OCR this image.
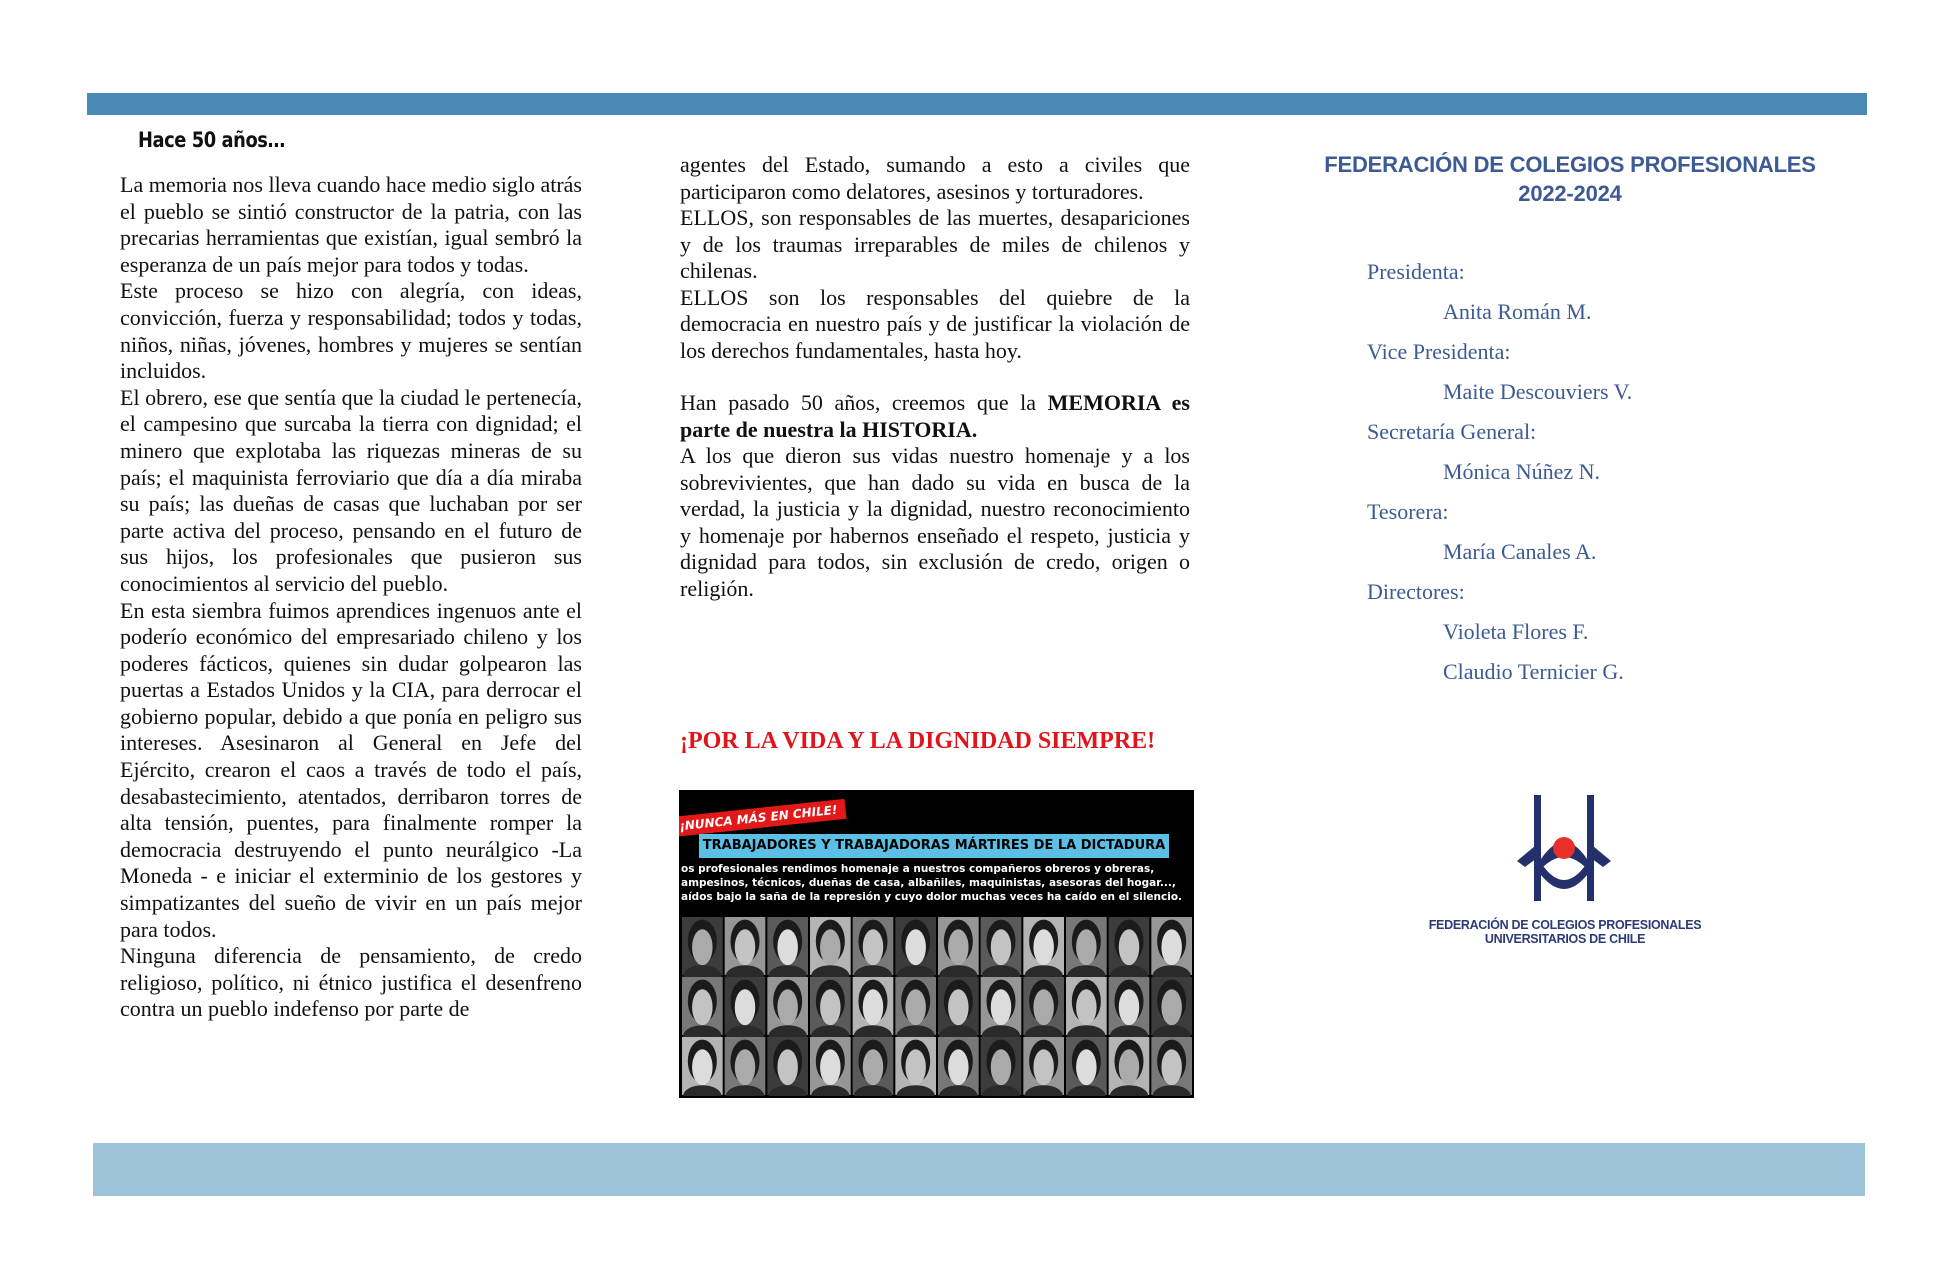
Hace 50 años…

La memoria nos lleva cuando hace medio siglo atrás el pueblo se sintió constructor de la patria, con las precarias herramientas que existían, igual sembró la esperanza de un país mejor para todos y todas.

Este proceso se hizo con alegría, con ideas, convicción, fuerza y responsabilidad; todos y todas, niños, niñas, jóvenes, hombres y mujeres se sentían incluidos.

El obrero, ese que sentía que la ciudad le pertenecía, el campesino que surcaba la tierra con dignidad; el minero que explotaba las riquezas mineras de su país; el maquinista ferroviario que día a día miraba su país; las dueñas de casas que luchaban por ser parte activa del proceso, pensando en el futuro de sus hijos, los profesionales que pusieron sus conocimientos al servicio del pueblo.

En esta siembra fuimos aprendices ingenuos ante el poderío económico del empresariado chileno y los poderes fácticos, quienes sin dudar golpearon las puertas a Estados Unidos y la CIA, para derrocar el gobierno popular, debido a que ponía en peligro sus intereses. Asesinaron al General en Jefe del Ejército, crearon el caos a través de todo el país, desabastecimiento, atentados, derribaron torres de alta tensión, puentes, para finalmente romper la democracia destruyendo el punto neurálgico -La Moneda - e iniciar el exterminio de los gestores y simpatizantes del sueño de vivir en un país mejor para todos.

Ninguna diferencia de pensamiento, de credo religioso, político, ni étnico justifica el desenfreno contra un pueblo indefenso por parte de

agentes del Estado, sumando a esto a civiles que participaron como delatores, asesinos y torturadores.

ELLOS, son responsables de las muertes, desapariciones y de los traumas irreparables de miles de chilenos y chilenas.

ELLOS son los responsables del quiebre de la democracia en nuestro país y de justificar la violación de los derechos fundamentales, hasta hoy.

Han pasado 50 años, creemos que la MEMORIA es parte de nuestra la HISTORIA.

A los que dieron sus vidas nuestro homenaje y a los sobrevivientes, que han dado su vida en busca de la verdad, la justicia y la dignidad, nuestro reconocimiento y homenaje por habernos enseñado el respeto, justicia y dignidad para todos, sin exclusión de credo, origen o religión.

¡POR LA VIDA Y LA DIGNIDAD SIEMPRE!
¡NUNCA MÁS EN CHILE!
TRABAJADORES Y TRABAJADORAS MÁRTIRES DE LA DICTADURA
os profesionales rendimos homenaje a nuestros compañeros obreros y obreras, ampesinos, técnicos, dueñas de casa, albañiles, maquinistas, asesoras del hogar..., aídos bajo la saña de la represión y cuyo dolor muchas veces ha caído en el silencio.
FEDERACIÓN DE COLEGIOS PROFESIONALES
2022-2024

Presidenta:

Anita Román M.

Vice Presidenta:

Maite Descouviers V.

Secretaría General:

Mónica Núñez N.

Tesorera:

María Canales A.

Directores:

Violeta Flores F.

Claudio Ternicier G.

FEDERACIÓN DE COLEGIOS PROFESIONALES
UNIVERSITARIOS DE CHILE
